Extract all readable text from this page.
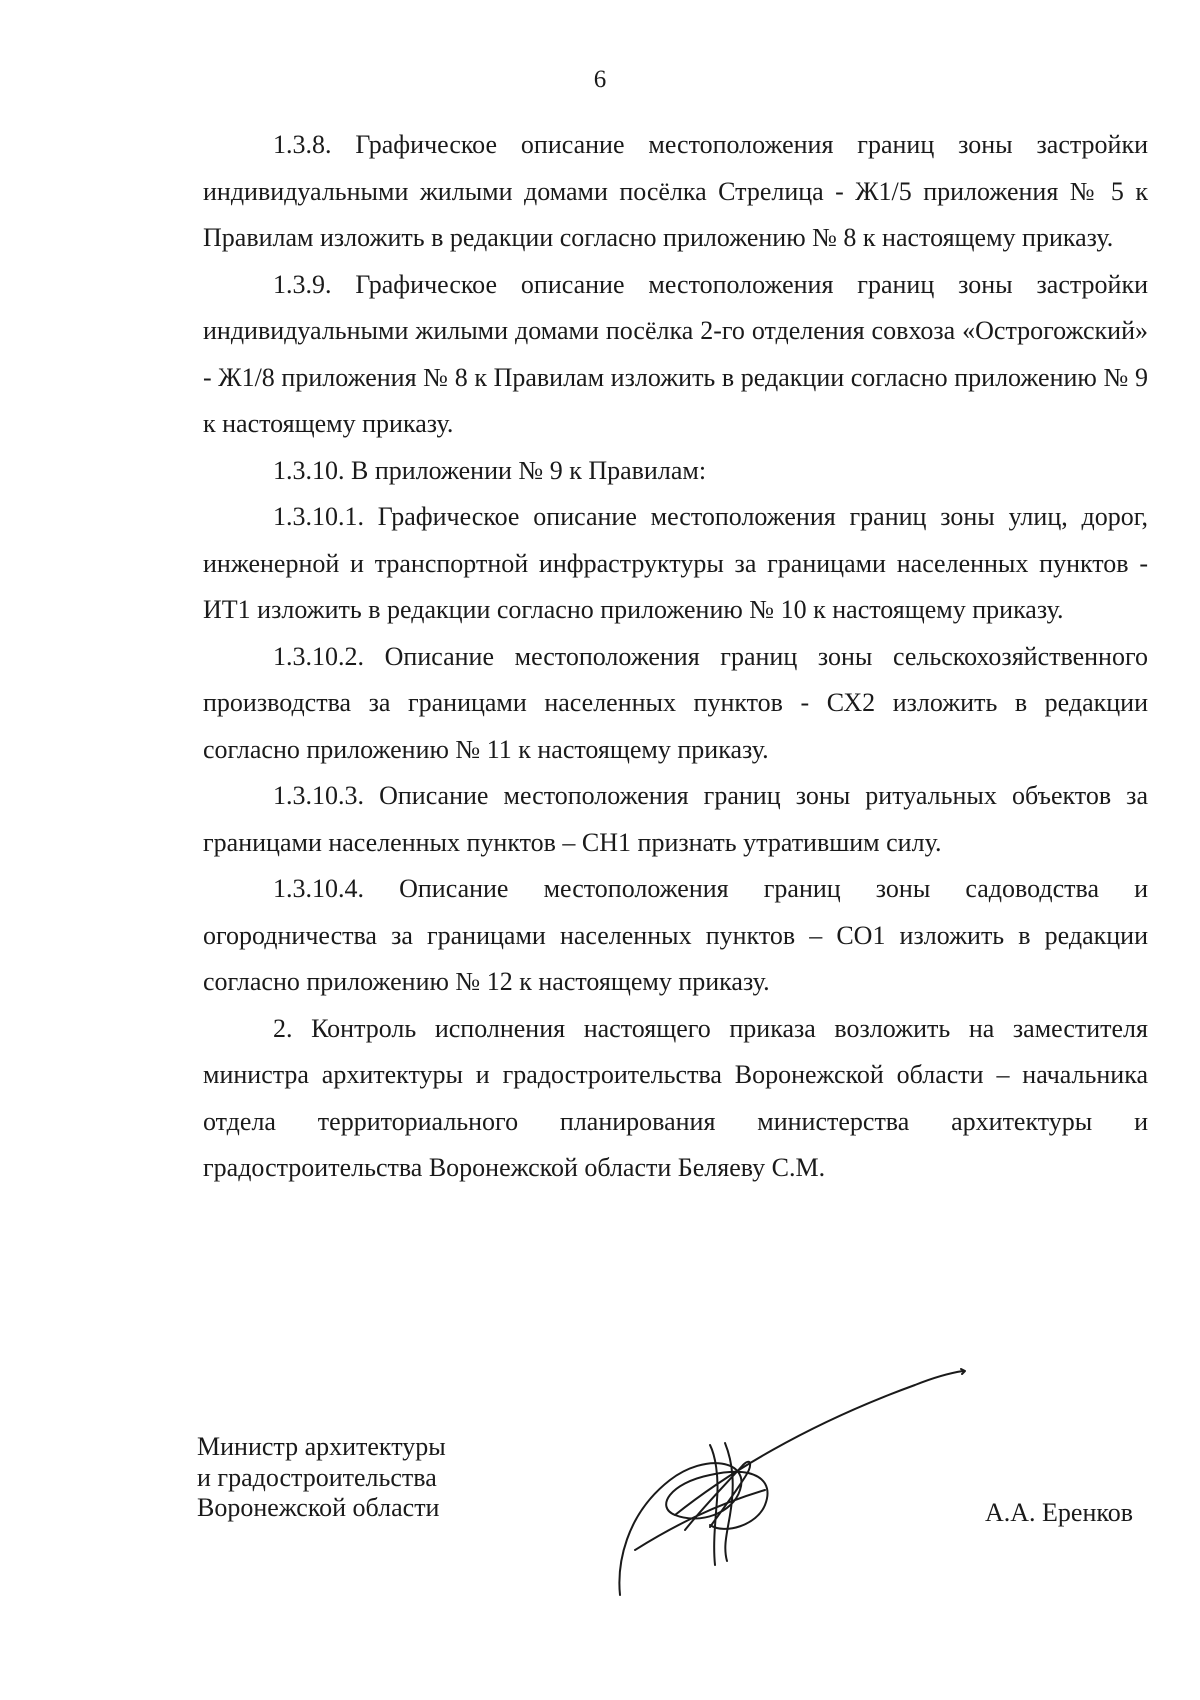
6

1.3.8. Графическое описание местоположения границ зоны застройки индивидуальными жилыми домами посёлка Стрелица - Ж1/5 приложения № 5 к Правилам изложить в редакции согласно приложению № 8 к настоящему приказу.

1.3.9. Графическое описание местоположения границ зоны застройки индивидуальными жилыми домами посёлка 2-го отделения совхоза «Острогожский» - Ж1/8 приложения № 8 к Правилам изложить в редакции согласно приложению № 9 к настоящему приказу.

1.3.10. В приложении № 9 к Правилам:

1.3.10.1. Графическое описание местоположения границ зоны улиц, дорог, инженерной и транспортной инфраструктуры за границами населенных пунктов - ИТ1 изложить в редакции согласно приложению № 10 к настоящему приказу.

1.3.10.2. Описание местоположения границ зоны сельскохозяйственного производства за границами населенных пунктов - СХ2 изложить в редакции согласно приложению № 11 к настоящему приказу.

1.3.10.3. Описание местоположения границ зоны ритуальных объектов за границами населенных пунктов – СН1 признать утратившим силу.

1.3.10.4. Описание местоположения границ зоны садоводства и огородничества за границами населенных пунктов – СО1 изложить в редакции согласно приложению № 12 к настоящему приказу.

2. Контроль исполнения настоящего приказа возложить на заместителя министра архитектуры и градостроительства Воронежской области – начальника отдела территориального планирования министерства архитектуры и градостроительства Воронежской области Беляеву С.М.

Министр архитектуры
и градостроительства
Воронежской области	А.А. Еренков
